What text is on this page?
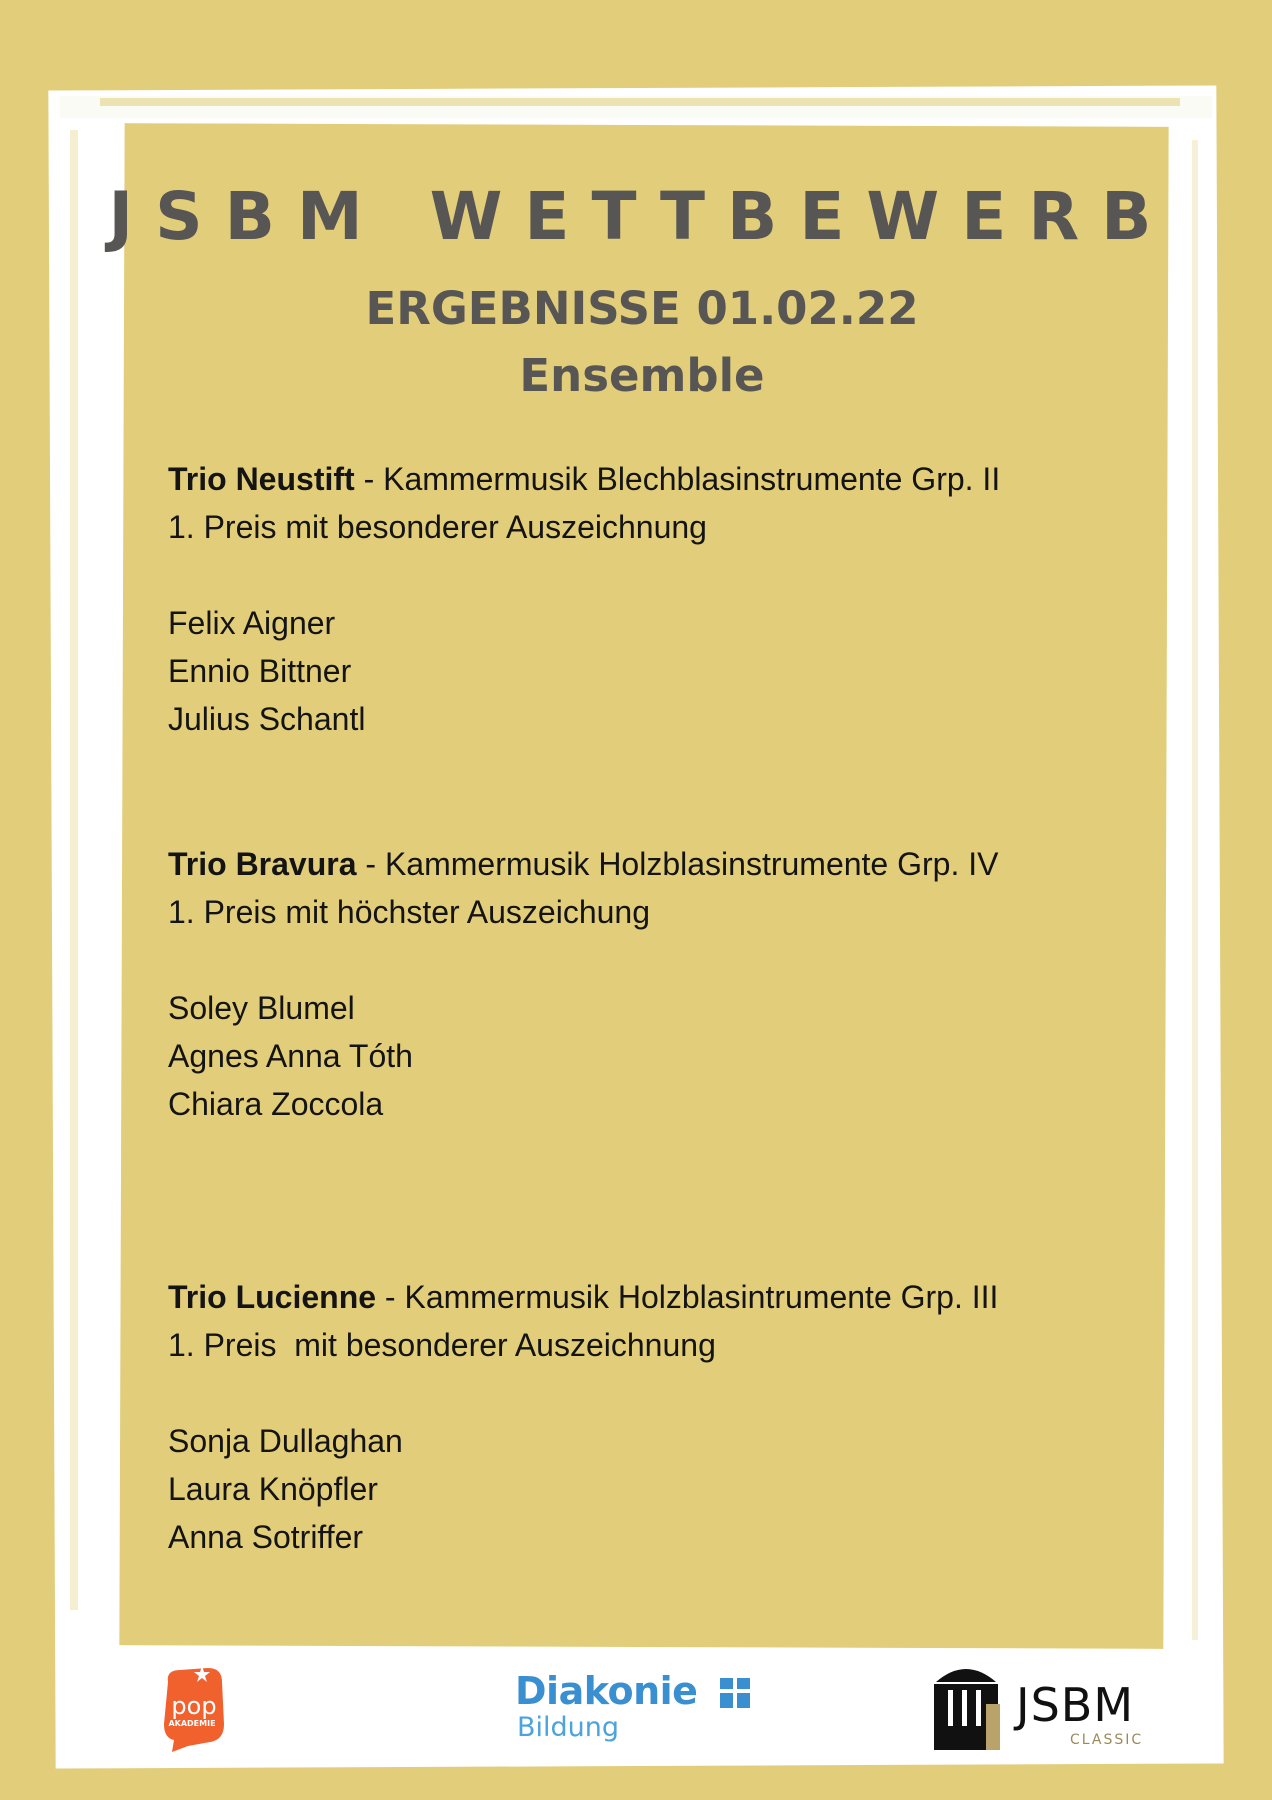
JSBM WETTBEWERB
ERGEBNISSE 01.02.22
Ensemble
Trio Neustift - Kammermusik Blechblasinstrumente Grp. II
1. Preis mit besonderer Auszeichnung
Felix Aigner
Ennio Bittner
Julius Schantl
Trio Bravura - Kammermusik Holzblasinstrumente Grp. IV
1. Preis mit höchster Auszeichung
Soley Blumel
Agnes Anna Tóth
Chiara Zoccola
Trio Lucienne - Kammermusik Holzblasintrumente Grp. III
1. Preis  mit besonderer Auszeichnung
Sonja Dullaghan
Laura Knöpfler
Anna Sotriffer
pop
AKADEMIE
Diakonie
Bildung	JSBM
CLASSIC
